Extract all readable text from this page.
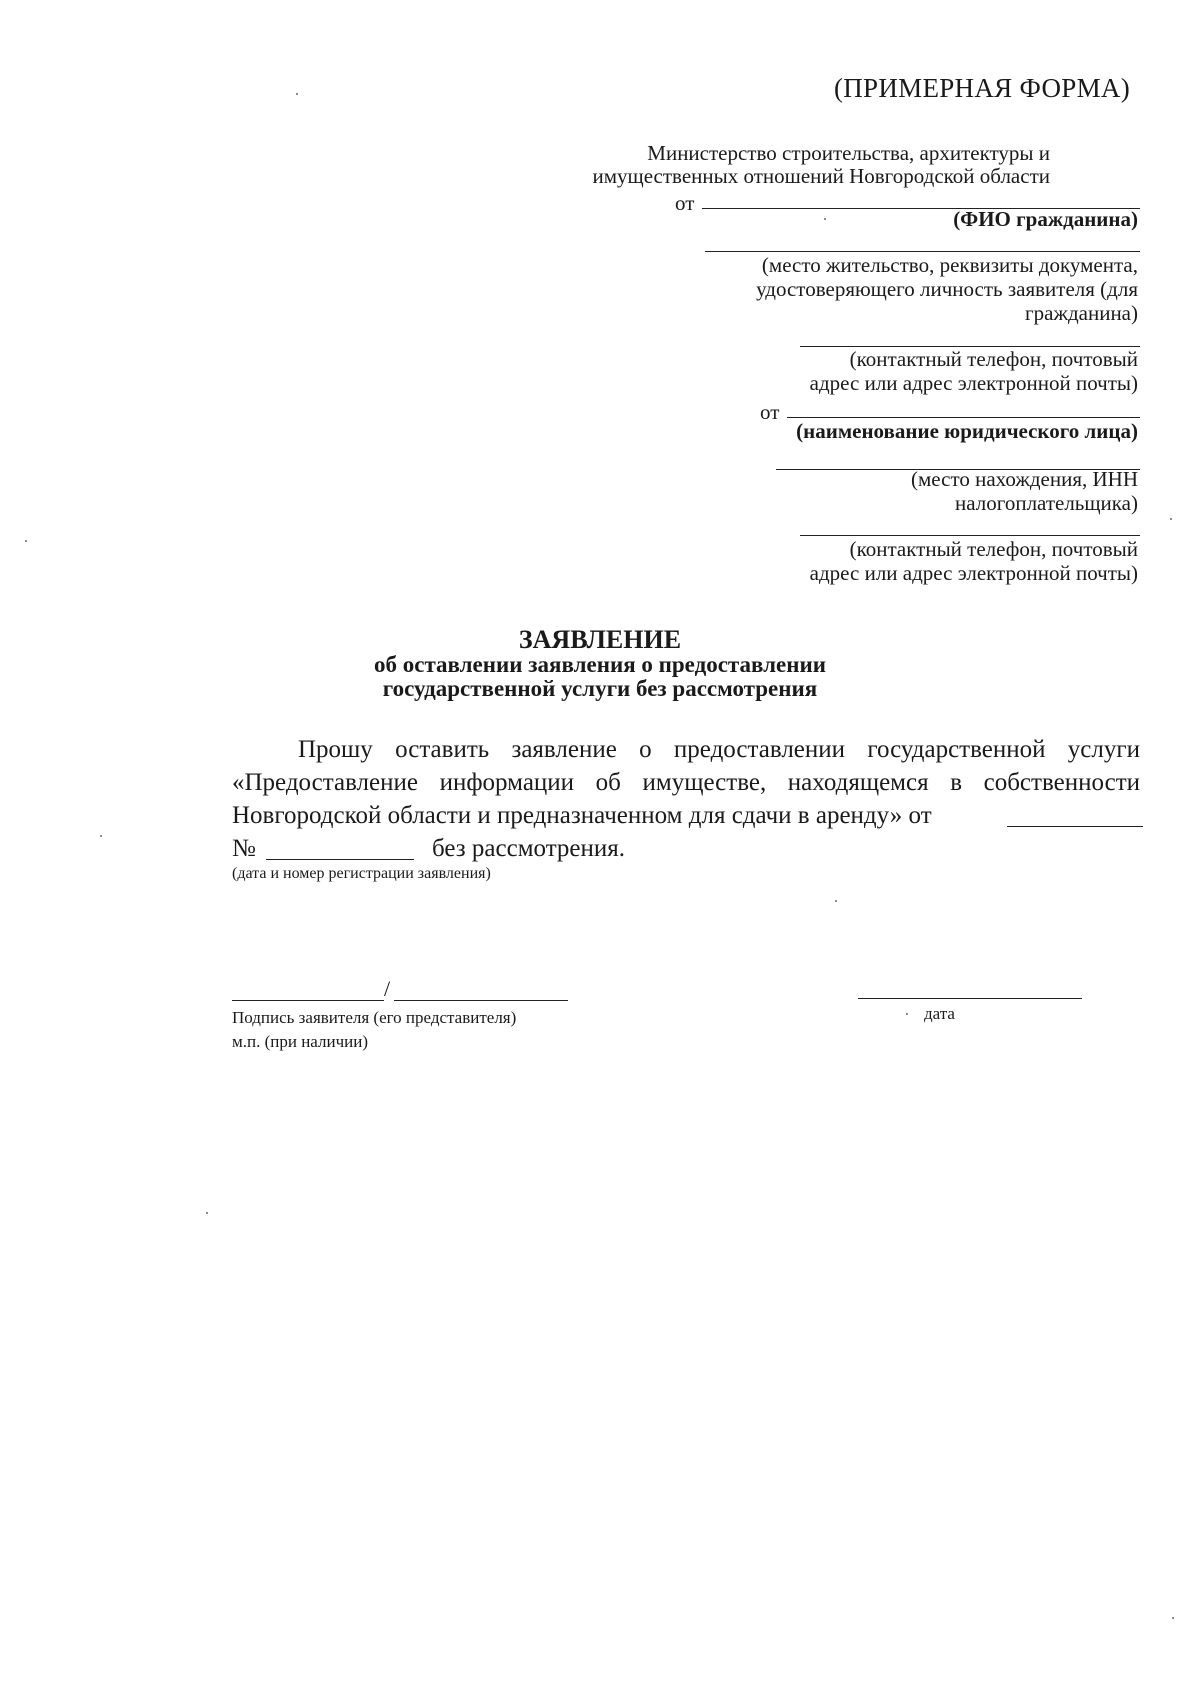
(ПРИМЕРНАЯ ФОРМА)
Министерство строительства, архитектуры и
имущественных отношений Новгородской области
от
(ФИО гражданина)
(место жительство, реквизиты документа,
удостоверяющего личность заявителя (для
гражданина)
(контактный телефон, почтовый
адрес или адрес электронной почты)
от
(наименование юридического лица)
(место нахождения, ИНН
налогоплательщика)
(контактный телефон, почтовый
адрес или адрес электронной почты)
ЗАЯВЛЕНИЕ
об оставлении заявления о предоставлении
государственной услуги без рассмотрения
Прошу оставить заявление о предоставлении государственной услуги
«Предоставление информации об имуществе, находящемся в собственности
Новгородской области и предназначенном для сдачи в аренду» от
№	без рассмотрения.
(дата и номер регистрации заявления)
/
Подпись заявителя (его представителя)
м.п. (при наличии)
дата
